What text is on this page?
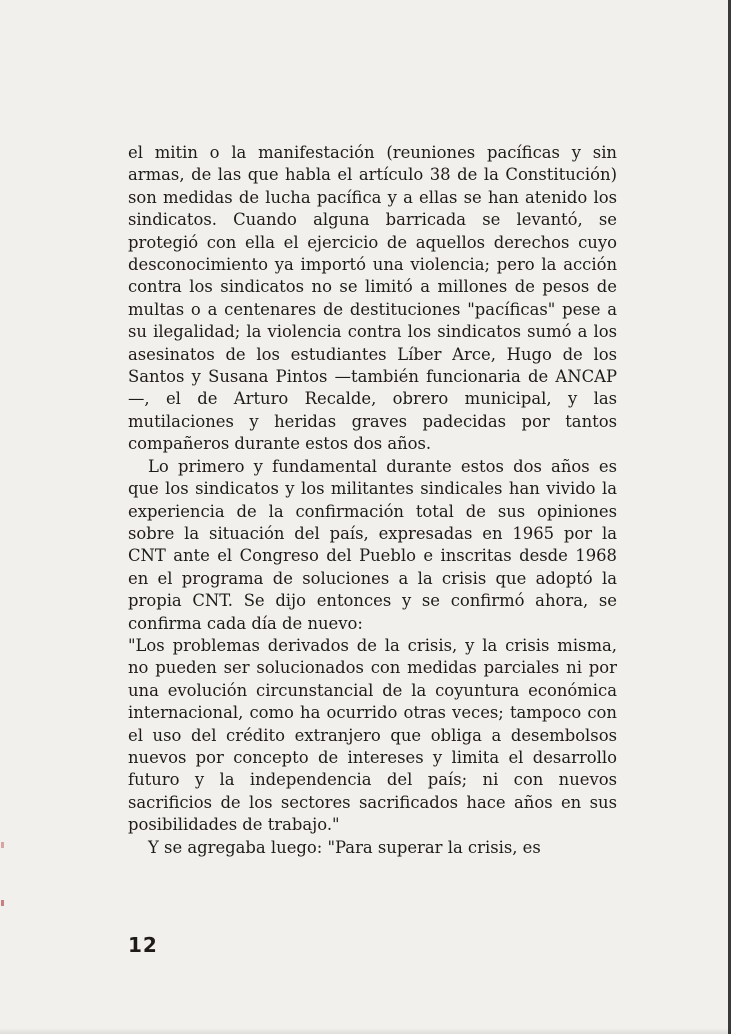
el mitin o la manifestación (reuniones pacíficas y sin armas, de las que habla el artículo 38 de la Constitución) son medidas de lucha pacífica y a ellas se han atenido los sindicatos. Cuando alguna barricada se levantó, se protegió con ella el ejercicio de aquellos derechos cuyo desconocimiento ya importó una violencia; pero la acción contra los sindicatos no se limitó a millones de pesos de multas o a centenares de destituciones "pacíficas" pese a su ilegalidad; la violencia contra los sindicatos sumó a los asesinatos de los estudiantes Líber Arce, Hugo de los Santos y Susana Pintos —también funcionaria de ANCAP—, el de Arturo Recalde, obrero municipal, y las mutilaciones y heridas graves padecidas por tantos compañeros durante estos dos años.

Lo primero y fundamental durante estos dos años es que los sindicatos y los militantes sindicales han vivido la experiencia de la confirmación total de sus opiniones sobre la situación del país, expresadas en 1965 por la CNT ante el Congreso del Pueblo e inscritas desde 1968 en el programa de soluciones a la crisis que adoptó la propia CNT. Se dijo entonces y se confirmó ahora, se confirma cada día de nuevo:

"Los problemas derivados de la crisis, y la crisis misma, no pueden ser solucionados con medidas parciales ni por una evolución circunstancial de la coyuntura económica internacional, como ha ocurrido otras veces; tampoco con el uso del crédito extranjero que obliga a desembolsos nuevos por concepto de intereses y limita el desarrollo futuro y la independencia del país; ni con nuevos sacrificios de los sectores sacrificados hace años en sus posibilidades de trabajo."

Y se agregaba luego: "Para superar la crisis, es

12
